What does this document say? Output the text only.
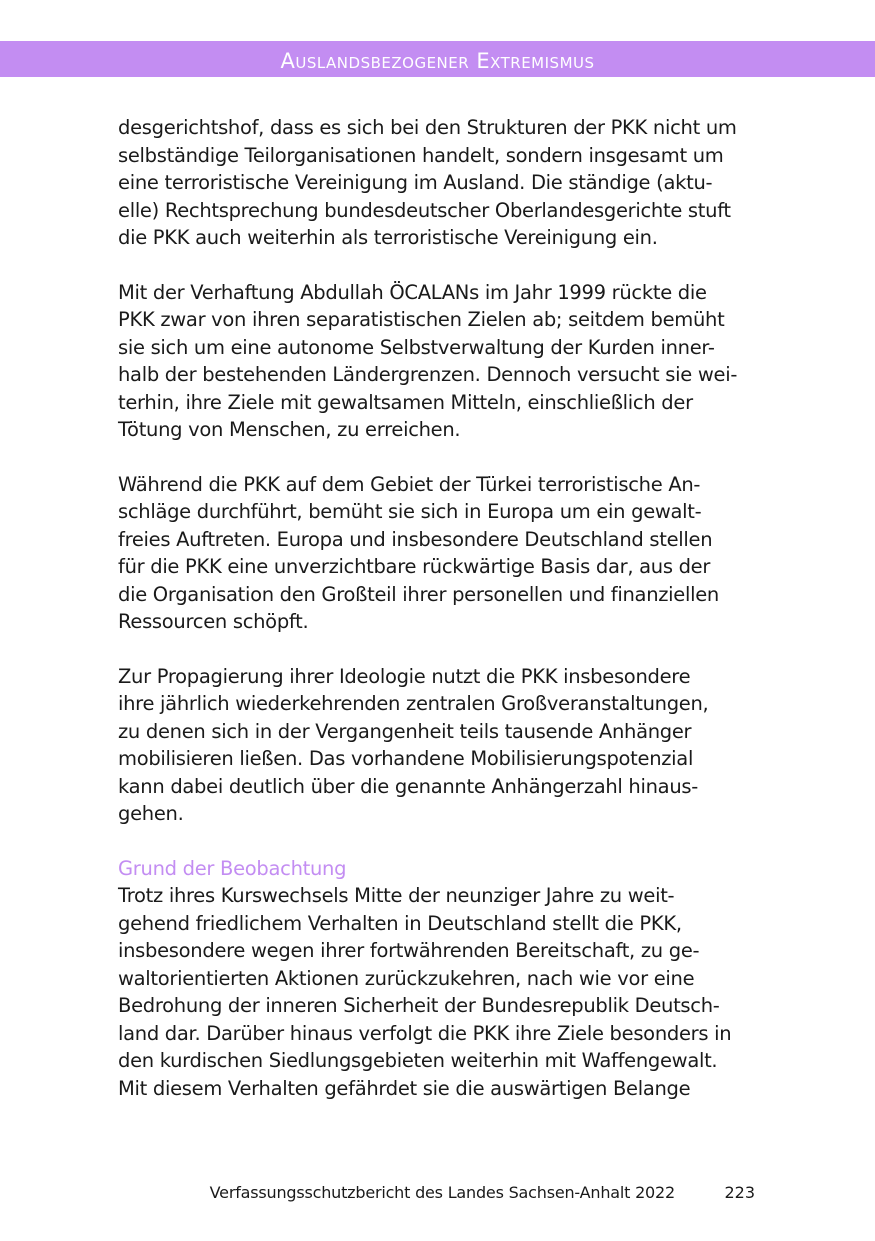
Auslandsbezogener Extremismus

desgerichtshof, dass es sich bei den Strukturen der PKK nicht um
selbständige Teilorganisationen handelt, sondern insgesamt um
eine terroristische Vereinigung im Ausland. Die ständige (aktu-
elle) Rechtsprechung bundesdeutscher Oberlandesgerichte stuft
die PKK auch weiterhin als terroristische Vereinigung ein.

Mit der Verhaftung Abdullah ÖCALANs im Jahr 1999 rückte die
PKK zwar von ihren separatistischen Zielen ab; seitdem bemüht
sie sich um eine autonome Selbstverwaltung der Kurden inner-
halb der bestehenden Ländergrenzen. Dennoch versucht sie wei-
terhin, ihre Ziele mit gewaltsamen Mitteln, einschließlich der
Tötung von Menschen, zu erreichen.

Während die PKK auf dem Gebiet der Türkei terroristische An-
schläge durchführt, bemüht sie sich in Europa um ein gewalt-
freies Auftreten. Europa und insbesondere Deutschland stellen
für die PKK eine unverzichtbare rückwärtige Basis dar, aus der
die Organisation den Großteil ihrer personellen und finanziellen
Ressourcen schöpft.

Zur Propagierung ihrer Ideologie nutzt die PKK insbesondere
ihre jährlich wiederkehrenden zentralen Großveranstaltungen,
zu denen sich in der Vergangenheit teils tausende Anhänger
mobilisieren ließen. Das vorhandene Mobilisierungspotenzial
kann dabei deutlich über die genannte Anhängerzahl hinaus-
gehen.

Grund der Beobachtung
Trotz ihres Kurswechsels Mitte der neunziger Jahre zu weit-
gehend friedlichem Verhalten in Deutschland stellt die PKK,
insbesondere wegen ihrer fortwährenden Bereitschaft, zu ge-
waltorientierten Aktionen zurückzukehren, nach wie vor eine
Bedrohung der inneren Sicherheit der Bundesrepublik Deutsch-
land dar. Darüber hinaus verfolgt die PKK ihre Ziele besonders in
den kurdischen Siedlungsgebieten weiterhin mit Waffengewalt.
Mit diesem Verhalten gefährdet sie die auswärtigen Belange

Verfassungsschutzbericht des Landes Sachsen-Anhalt 2022	223
